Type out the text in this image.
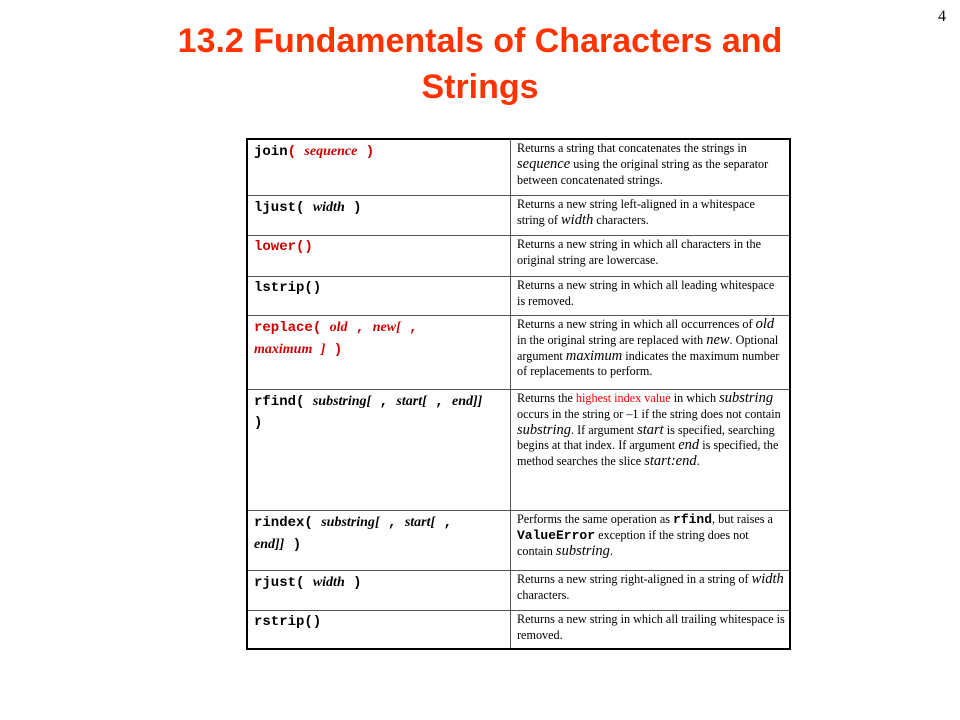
4
13.2 Fundamentals of Characters and
Strings
join( sequence )	Returns a string that concatenates the strings in sequence using the original string as the separator between concatenated strings.
ljust( width )	Returns a new string left-aligned in a whitespace string of width characters.
lower()	Returns a new string in which all characters in the original string are lowercase.
lstrip()	Returns a new string in which all leading whitespace is removed.
replace( old , new[ ,
maximum ] )	Returns a new string in which all occurrences of old in the original string are replaced with new. Optional argument maximum indicates the maximum number of replacements to perform.
rfind( substring[ , start[ , end]]
)	Returns the highest index value in which substring occurs in the string or –1 if the string does not contain substring. If argument start is specified, searching begins at that index. If argument end is specified, the method searches the slice start:end.
rindex( substring[ , start[ ,
end]] )	Performs the same operation as rfind, but raises a ValueError exception if the string does not contain substring.
rjust( width )	Returns a new string right-aligned in a string of width characters.
rstrip()	Returns a new string in which all trailing whitespace is removed.
